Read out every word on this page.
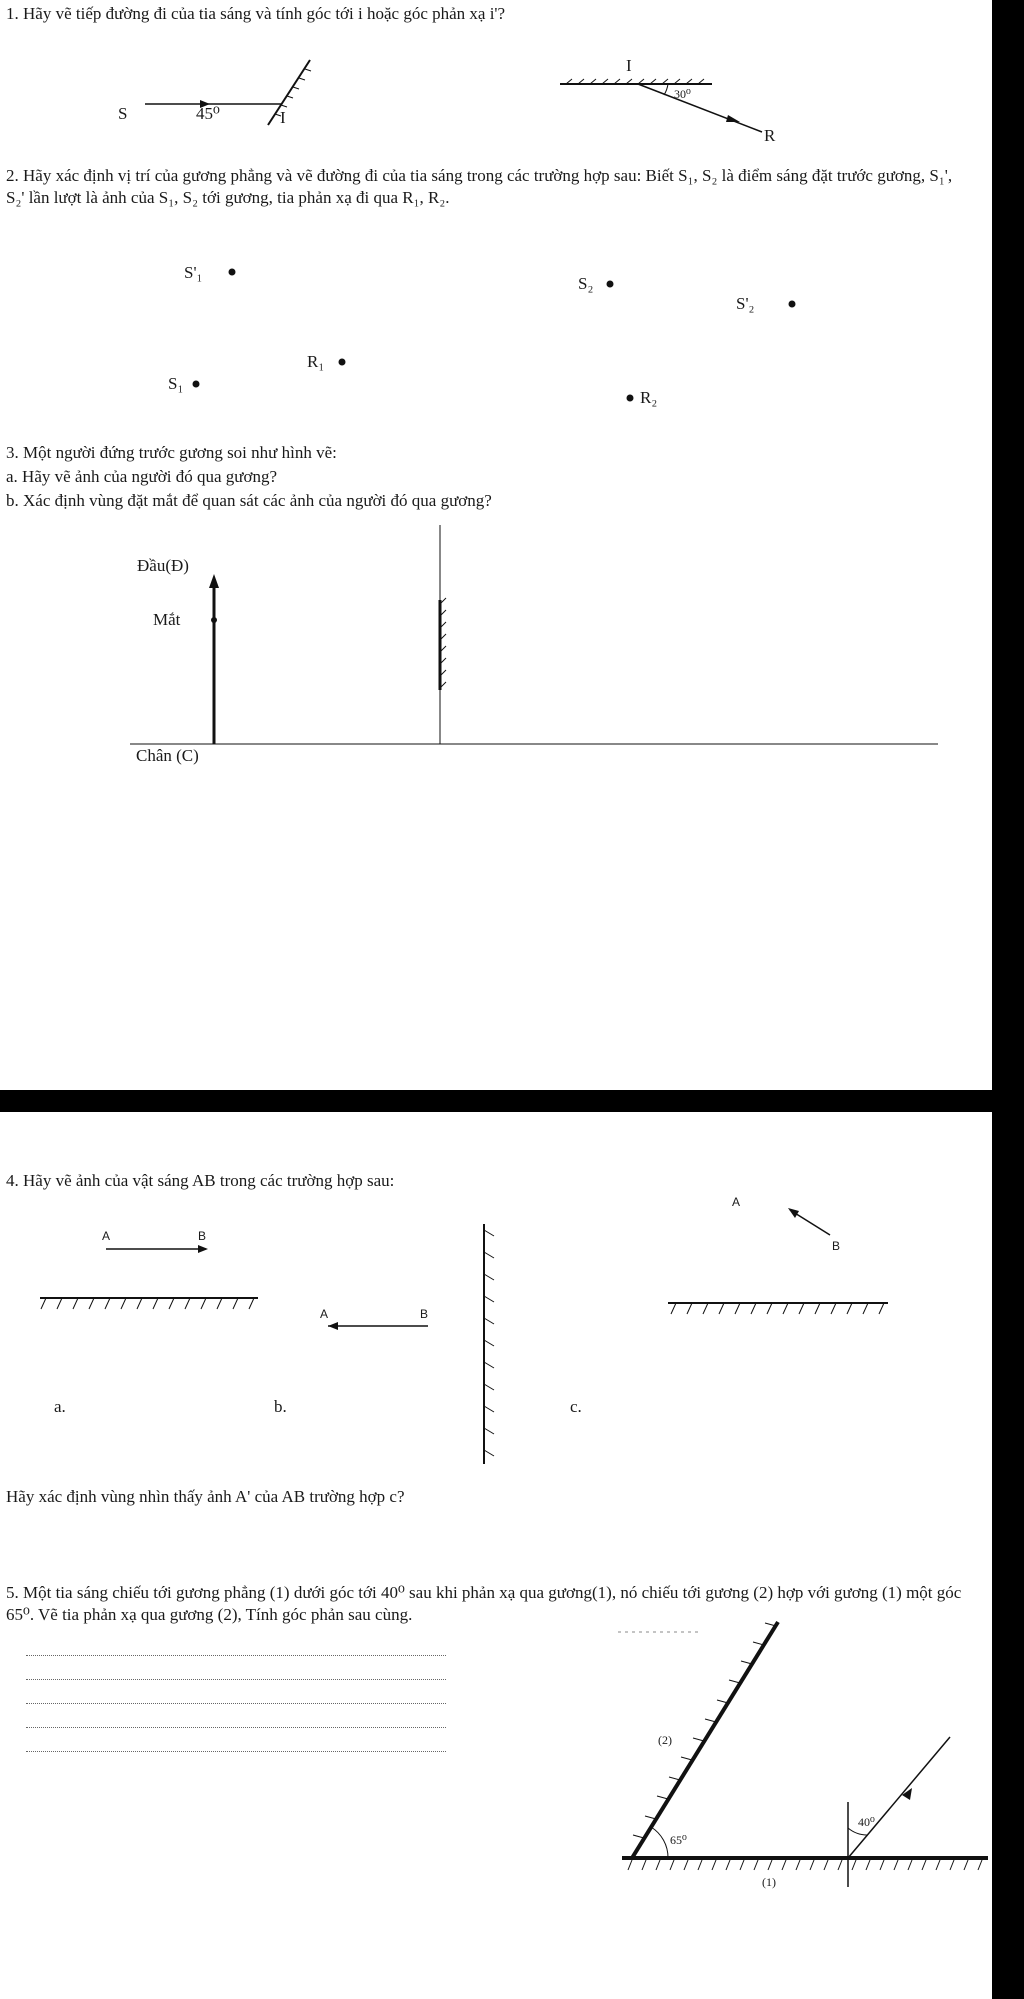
1. Hãy vẽ tiếp đường đi của tia sáng và tính góc tới i hoặc góc phản xạ i'?
S	45⁰	I
I
30⁰
R
2. Hãy xác định vị trí của gương phẳng và vẽ đường đi của tia sáng trong các trường hợp sau: Biết S₁, S₂ là điểm sáng đặt trước gương, S₁', S₂' lần lượt là ảnh của S₁, S₂ tới gương, tia phản xạ đi qua R₁, R₂.
S'₁
S₂
S'₂
R₁
S₁
R₂
3. Một người đứng trước gương soi như hình vẽ:
a. Hãy vẽ ảnh của người đó qua gương?
b. Xác định vùng đặt mắt để quan sát các ảnh của người đó qua gương?
Đầu(Đ)
Mắt
Chân (C)
4. Hãy vẽ ảnh của vật sáng AB trong các trường hợp sau:
A	B
A	B
A
B
a.	b.	c.
Hãy xác định vùng nhìn thấy ảnh A' của AB trường hợp c?
5. Một tia sáng chiếu tới gương phẳng (1) dưới góc tới 40⁰ sau khi phản xạ qua gương(1), nó chiếu tới gương (2) hợp với gương (1) một góc 65⁰. Vẽ tia phản xạ qua gương (2), Tính góc phản sau cùng.
(2)
40⁰
65⁰
(1)
